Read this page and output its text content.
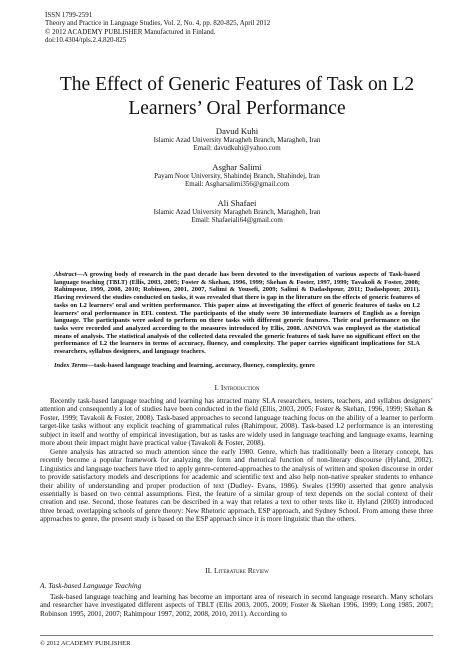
ISSN 1799-2591
Theory and Practice in Language Studies, Vol. 2, No. 4, pp. 820-825, April 2012
© 2012 ACADEMY PUBLISHER Manufactured in Finland.
doi:10.4304/tpls.2.4.820-825
The Effect of Generic Features of Task on L2
Learners’ Oral Performance
Davud Kuhi
Islamic Azad University Maragheh Branch, Maragheh, Iran
Email: davudkuhi@yahoo.com
Asghar Salimi
Payam Noor University, Shahindej Branch, Shahindej, Iran
Email: Asgharsalimi356@gmail.com
Ali Shafaei
Islamic Azad University Maragheh Branch, Maragheh, Iran
Email: Shafaeiali64@gmail.com
Abstract—A growing body of research in the past decade has been devoted to the investigation of various aspects of Task-based language teaching (TBLT) (Ellis, 2003, 2005; Foster & Skehan, 1996, 1999; Skehan & Foster, 1997, 1999; Tavakoli & Foster, 2008; Rahimpour, 1999, 2008, 2010; Robinson, 2001, 2007, Salimi & Yousefi, 2009; Salimi & Dadashpour, 2011; Dadashpour, 2011). Having reviewed the studies conducted on tasks, it was revealed that there is gap in the literature on the effects of generic features of tasks on L2 learners’ oral and written performance. This paper aims at investigating the effect of generic features of tasks on L2 learners’ oral performance in EFL context. The participants of the study were 30 intermediate learners of English as a foreign language. The participants were asked to perform on three tasks with different generic features. Their oral performance on the tasks were recorded and analyzed according to the measures introduced by Ellis, 2008. ANNOVA was employed as the statistical means of analysis. The statistical analysis of the collected data revealed the generic features of task have no significant effect on the performance of L2 the learners in terms of accuracy, fluency, and complexity. The paper carries significant implications for SLA researchers, syllabus designers, and language teachers.
Index Terms—task-based language teaching and learning, accuracy, fluency, complexity, genre
I. Introduction

Recently task-based language teaching and learning has attracted many SLA researchers, testers, teachers, and syllabus designers’ attention and consequently a lot of studies have been conducted in the field (Ellis, 2003, 2005; Foster & Skehan, 1996, 1999; Skehan & Foster, 1999; Tavakoli & Foster, 2008). Task-based approaches to second language teaching focus on the ability of a learner to perform target-like tasks without any explicit teaching of grammatical rules (Rahimpour, 2008). Task-based L2 performance is an interesting subject in itself and worthy of empirical investigation, but as tasks are widely used in language teaching and language exams, learning more about their impact might have practical value (Tavakoli & Foster, 2008).

Genre analysis has attracted so much attention since the early 1980. Genre, which has traditionally been a literary concept, has recently become a popular framework for analyzing the form and rhetorical function of non-literary discourse (Hyland, 2002). Linguistics and language teachers have tried to apply genre-centered-approaches to the analysis of written and spoken discourse in order to provide satisfactory models and descriptions for academic and scientific text and also help non-native speaker students to enhance their ability of understanding and proper production of text (Dudley- Evans, 1986). Swales (1990) asserted that genre analysis essentially is based on two central assumptions. First, the feature of a similar group of text depends on the social context of their creation and use. Second, those features can be described in a way that relates a text to other texts like it. Hyland (2003) introduced three broad, overlapping schools of genre theory: New Rhetoric approach, ESP approach, and Sydney School. From among these three approaches to genre, the present study is based on the ESP approach since it is more linguistic than the others.

II. Literature Review
A. Task-based Language Teaching

Task-based language teaching and learning has become an important area of research in second language research. Many scholars and researcher have investigated different aspects of TBLT (Ellis 2003, 2005, 2009; Foster & Skehan 1996, 1999; Long 1985, 2007; Robinson 1995, 2001, 2007; Rahimpour 1997, 2002, 2008, 2010, 2011). According to

© 2012 ACADEMY PUBLISHER
